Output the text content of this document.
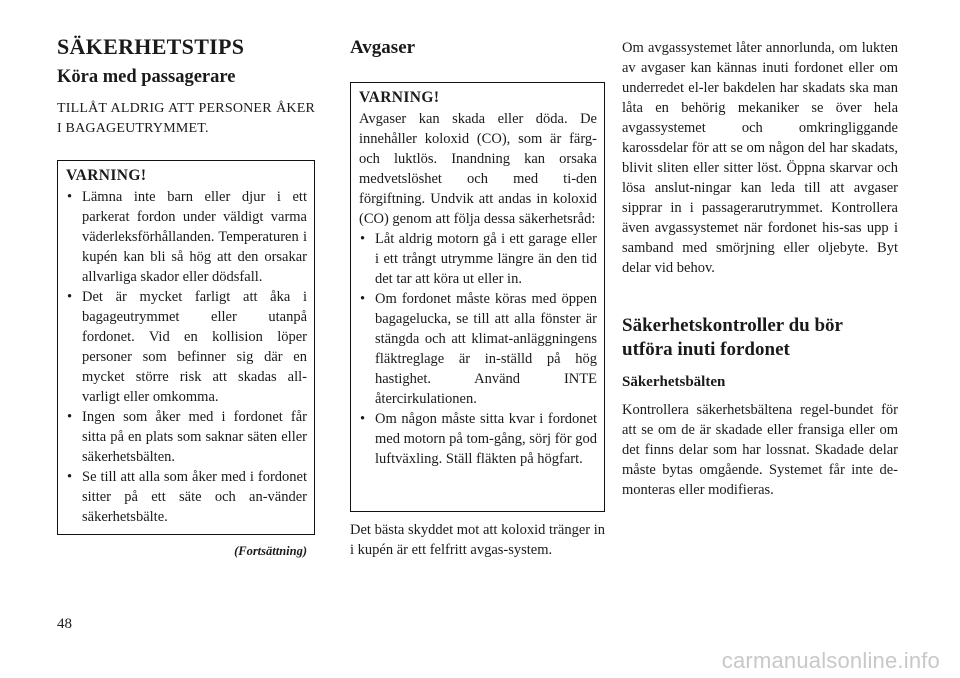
SÄKERHETSTIPS
Köra med passagerare
TILLÅT ALDRIG ATT PERSONER ÅKER I BAGAGEUTRYMMET.
VARNING!
• Lämna inte barn eller djur i ett parkerat fordon under väldigt varma väderleksförhållanden. Temperaturen i kupén kan bli så hög att den orsakar allvarliga skador eller dödsfall.
• Det är mycket farligt att åka i bagageutrymmet eller utanpå fordonet. Vid en kollision löper personer som befinner sig där en mycket större risk att skadas all-varligt eller omkomma.
• Ingen som åker med i fordonet får sitta på en plats som saknar säten eller säkerhetsbälten.
• Se till att alla som åker med i fordonet sitter på ett säte och an-vänder säkerhetsbälte.
(Fortsättning)
Avgaser
VARNING!
Avgaser kan skada eller döda. De innehåller koloxid (CO), som är färg- och luktlös. Inandning kan orsaka medvetslöshet och med ti-den förgiftning. Undvik att andas in koloxid (CO) genom att följa dessa säkerhetsråd:
• Låt aldrig motorn gå i ett garage eller i ett trångt utrymme längre än den tid det tar att köra ut eller in.
• Om fordonet måste köras med öppen bagagelucka, se till att alla fönster är stängda och att klimat-anläggningens fläktreglage är in-ställd på hög hastighet. Använd INTE återcirkulationen.
• Om någon måste sitta kvar i fordonet med motorn på tom-gång, sörj för god luftväxling. Ställ fläkten på högfart.
Det bästa skyddet mot att koloxid tränger in i kupén är ett felfritt avgas-system.
Om avgassystemet låter annorlunda, om lukten av avgaser kan kännas inuti fordonet eller om underredet el-ler bakdelen har skadats ska man låta en behörig mekaniker se över hela avgassystemet och omkringliggande karossdelar för att se om någon del har skadats, blivit sliten eller sitter löst. Öppna skarvar och lösa anslut-ningar kan leda till att avgaser sipprar in i passagerarutrymmet. Kontrollera även avgassystemet när fordonet his-sas upp i samband med smörjning eller oljebyte. Byt delar vid behov.
Säkerhetskontroller du bör utföra inuti fordonet
Säkerhetsbälten
Kontrollera säkerhetsbältena regel-bundet för att se om de är skadade eller fransiga eller om det finns delar som har lossnat. Skadade delar måste bytas omgående. Systemet får inte de-monteras eller modifieras.
48
carmanualsonline.info
